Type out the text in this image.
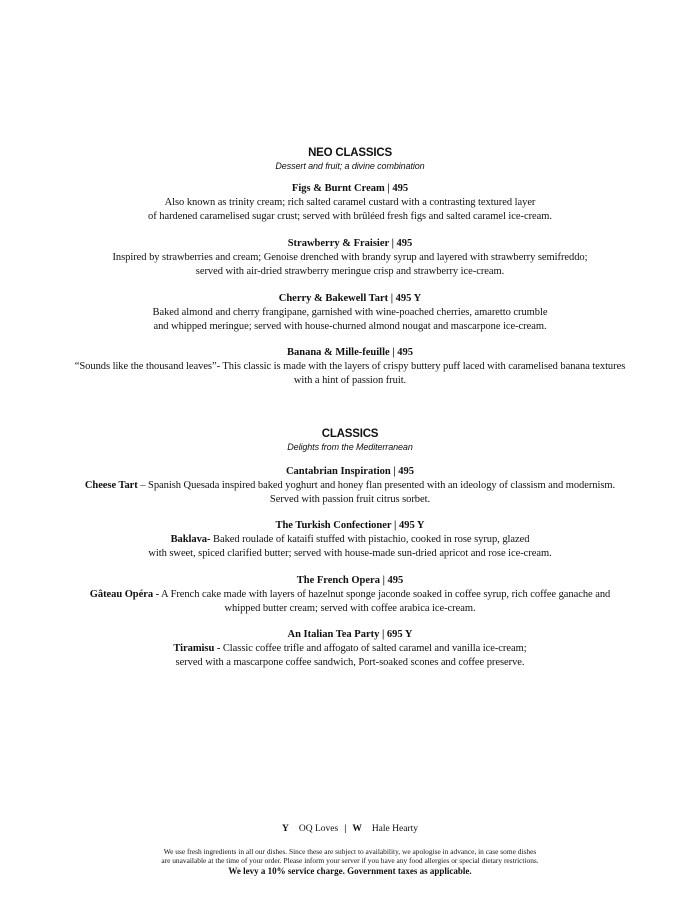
NEO CLASSICS
Dessert and fruit; a divine combination
Figs & Burnt Cream | 495
Also known as trinity cream; rich salted caramel custard with a contrasting textured layer
of hardened caramelised sugar crust; served with brûléed fresh figs and salted caramel ice-cream.
Strawberry & Fraisier | 495
Inspired by strawberries and cream; Genoise drenched with brandy syrup and layered with strawberry semifreddo;
served with air-dried strawberry meringue crisp and strawberry ice-cream.
Cherry & Bakewell Tart | 495 Y
Baked almond and cherry frangipane, garnished with wine-poached cherries, amaretto crumble
and whipped meringue; served with house-churned almond nougat and mascarpone ice-cream.
Banana & Mille-feuille | 495
“Sounds like the thousand leaves”- This classic is made with the layers of crispy buttery puff laced with caramelised banana textures
with a hint of passion fruit.
CLASSICS
Delights from the Mediterranean
Cantabrian Inspiration | 495
Cheese Tart – Spanish Quesada inspired baked yoghurt and honey flan presented with an ideology of classism and modernism.
Served with passion fruit citrus sorbet.
The Turkish Confectioner | 495 Y
Baklava- Baked roulade of kataifi stuffed with pistachio, cooked in rose syrup, glazed
with sweet, spiced clarified butter; served with house-made sun-dried apricot and rose ice-cream.
The French Opera | 495
Gâteau Opéra - A French cake made with layers of hazelnut sponge jaconde soaked in coffee syrup, rich coffee ganache and
whipped butter cream; served with coffee arabica ice-cream.
An Italian Tea Party | 695 Y
Tiramisu - Classic coffee trifle and affogato of salted caramel and vanilla ice-cream;
served with a mascarpone coffee sandwich, Port-soaked scones and coffee preserve.
Y OQ Loves | W Hale Hearty
We use fresh ingredients in all our dishes. Since these are subject to availability, we apologise in advance, in case some dishes
are unavailable at the time of your order. Please inform your server if you have any food allergies or special dietary restrictions.
We levy a 10% service charge. Government taxes as applicable.
